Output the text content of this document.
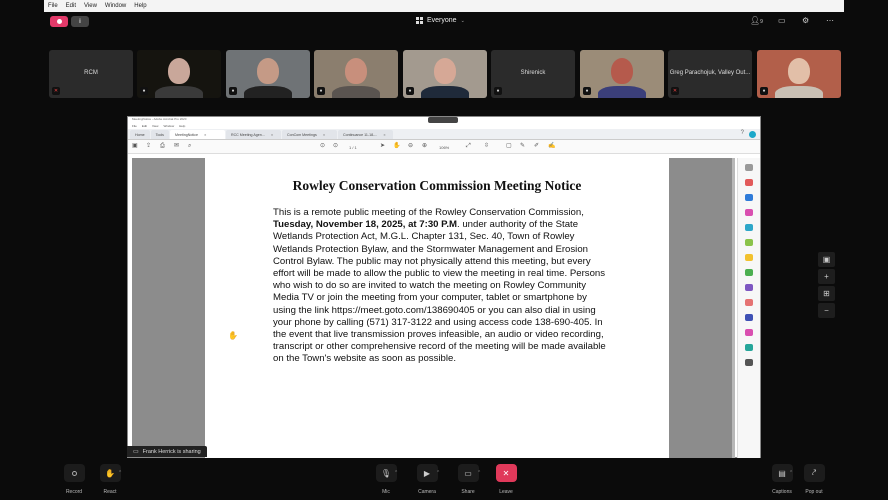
File Edit View Window Help
i	Everyone ⌄	👤︎9 ▭ ⚙ ⋯
RCM
✕	●	●	●	●
Shirenick
●	●
Greg Parachojuk, Valley Out...
✕	●
MeetingNotice - Adobe Acrobat Pro 2020
File Edit View Window Help
Home	Tools	MeetingNotice ✕	RCC Meeting Agen... ✕	ConCom Meetings ✕	Continuance 11-18-... ✕	?
▣ ⇪ ⎙ ✉ ⌕	⊙ ⊙	1 / 1	➤ ✋ ⊖ ⊕	106%	⤢ ⇳	▢ ✎ ✐ ✍
Rowley Conservation Commission Meeting Notice
This is a remote public meeting of the Rowley Conservation Commission, Tuesday, November 18, 2025, at 7:30 P.M. under authority of the State Wetlands Protection Act, M.G.L. Chapter 131, Sec. 40, Town of Rowley Wetlands Protection Bylaw, and the Stormwater Management and Erosion Control Bylaw. The public may not physically attend this meeting, but every effort will be made to allow the public to view the meeting in real time. Persons who wish to do so are invited to watch the meeting on Rowley Community Media TV or join the meeting from your computer, tablet or smartphone by using the link https://meet.goto.com/138690405 or you can also dial in using your phone by calling (571) 317-3122 and using access code 138-690-405. In the event that live transmission proves infeasible, an audio or video recording, transcript or other comprehensive record of the meeting will be made available on the Town's website as soon as possible.
✋
▭ Frank Herrick is sharing
▣
+
⊞
−
Record
✋
React
⌃	🎙︎
Mic
⌃	▶︎
Camera
⌃	▭
Share
⌃	✕
Leave
▤
Captions
⌃	⤤
Pop out
